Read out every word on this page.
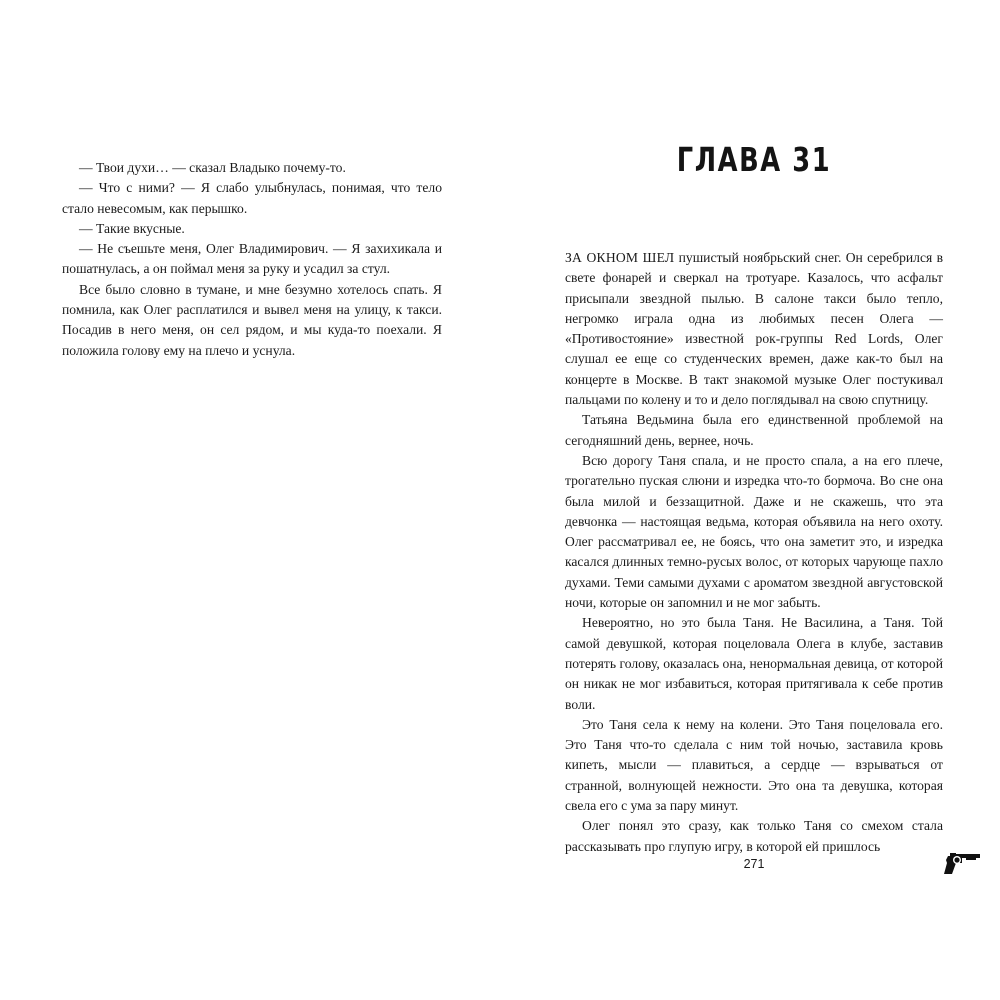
— Твои духи… — сказал Владыко почему-то.

— Что с ними? — Я слабо улыбнулась, понимая, что тело стало невесомым, как перышко.

— Такие вкусные.

— Не съешьте меня, Олег Владимирович. — Я захихикала и пошатнулась, а он поймал меня за руку и усадил за стул.

Все было словно в тумане, и мне безумно хотелось спать. Я помнила, как Олег расплатился и вывел меня на улицу, к такси. Посадив в него меня, он сел рядом, и мы куда-то поехали. Я положила голову ему на плечо и уснула.

ГЛАВА 31

ЗА ОКНОМ ШЕЛ пушистый ноябрьский снег. Он серебрился в свете фонарей и сверкал на тротуаре. Казалось, что асфальт присыпали звездной пылью. В салоне такси было тепло, негромко играла одна из любимых песен Олега — «Противостояние» известной рок-группы Red Lords, Олег слушал ее еще со студенческих времен, даже как-то был на концерте в Москве. В такт знакомой музыке Олег постукивал пальцами по колену и то и дело поглядывал на свою спутницу.

Татьяна Ведьмина была его единственной проблемой на сегодняшний день, вернее, ночь.

Всю дорогу Таня спала, и не просто спала, а на его плече, трогательно пуская слюни и изредка что-то бормоча. Во сне она была милой и беззащитной. Даже и не скажешь, что эта девчонка — настоящая ведьма, которая объявила на него охоту. Олег рассматривал ее, не боясь, что она заметит это, и изредка касался длинных темно-русых волос, от которых чарующе пахло духами. Теми самыми духами с ароматом звездной августовской ночи, которые он запомнил и не мог забыть.

Невероятно, но это была Таня. Не Василина, а Таня. Той самой девушкой, которая поцеловала Олега в клубе, заставив потерять голову, оказалась она, ненормальная девица, от которой он никак не мог избавиться, которая притягивала к себе против воли.

Это Таня села к нему на колени. Это Таня поцеловала его. Это Таня что-то сделала с ним той ночью, заставила кровь кипеть, мысли — плавиться, а сердце — взрываться от странной, волнующей нежности. Это она та девушка, которая свела его с ума за пару минут.

Олег понял это сразу, как только Таня со смехом стала рассказывать про глупую игру, в которой ей пришлось

271
